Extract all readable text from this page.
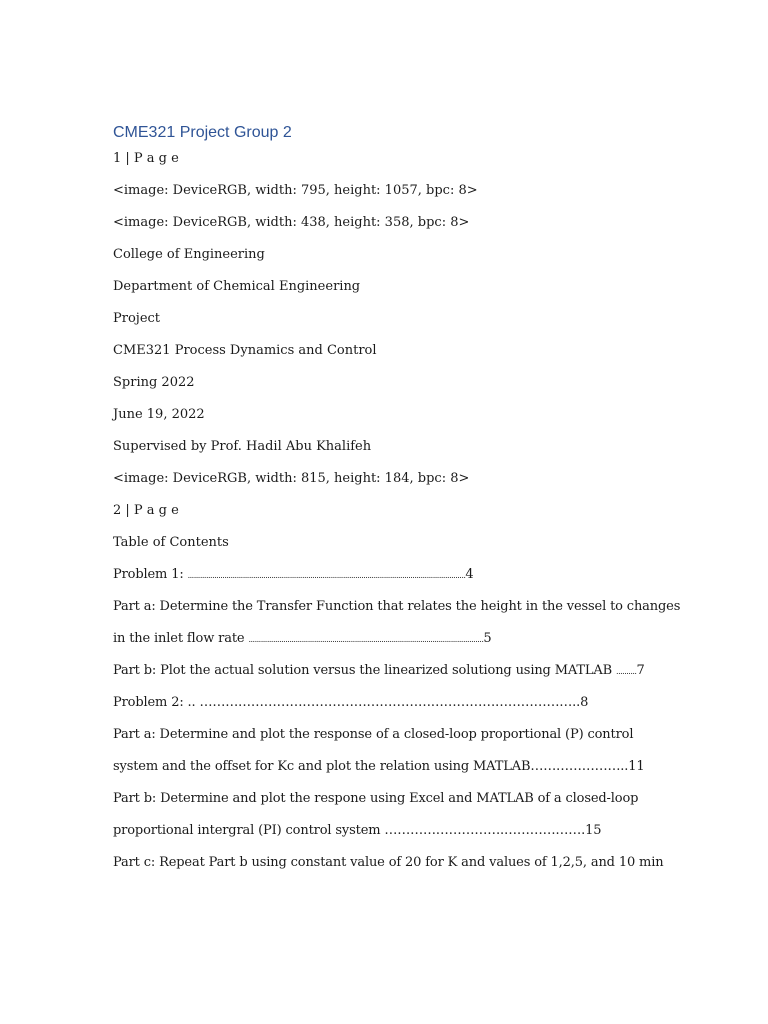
CME321 Project Group 2
1 | P a g e
<image: DeviceRGB, width: 795, height: 1057, bpc: 8>
<image: DeviceRGB, width: 438, height: 358, bpc: 8>
College of Engineering
Department of Chemical Engineering
Project
CME321 Process Dynamics and Control
Spring 2022
June 19, 2022
Supervised by Prof. Hadil Abu Khalifeh
<image: DeviceRGB, width: 815, height: 184, bpc: 8>
2 | P a g e
Table of Contents
Problem 1: ........................................................................................................................................4
Part a: Determine the Transfer Function that relates the height in the vessel to changes
in the inlet flow rate ...................................................................................................................5
Part b: Plot the actual solution versus the linearized solutiong using MATLAB ..........7
Problem 2: .. ……………………………………………………………………………..8
Part a: Determine and plot the response of a closed-loop proportional (P) control
system and the offset for Kc and plot the relation using MATLAB…………………..11
Part b: Determine and plot the respone using Excel and MATLAB of a closed-loop
proportional intergral (PI) control system ……………………….……………….15
Part c: Repeat Part b using constant value of 20 for K and values of 1,2,5, and 10 min
